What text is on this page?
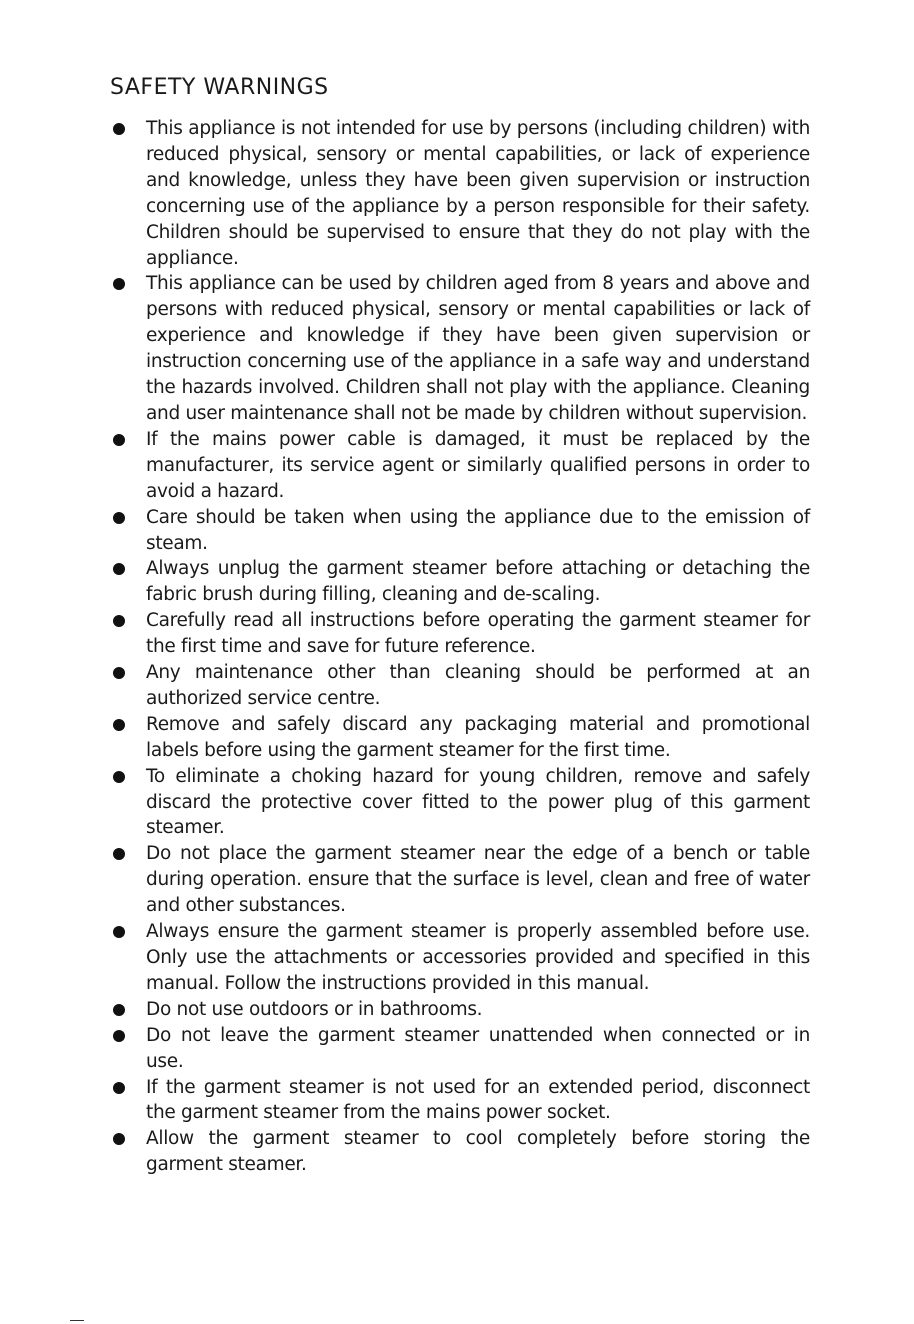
SAFETY WARNINGS
This appliance is not intended for use by persons (including children) with reduced physical, sensory or mental capabilities, or lack of experience and knowledge, unless they have been given supervision or instruction concerning use of the appliance by a person responsible for their safety. Children should be supervised to ensure that they do not play with the appliance.
This appliance can be used by children aged from 8 years and above and persons with reduced physical, sensory or mental capabilities or lack of experience and knowledge if they have been given supervision or instruction concerning use of the appliance in a safe way and understand the hazards involved. Children shall not play with the appliance. Cleaning and user maintenance shall not be made by children without supervision.
If the mains power cable is damaged, it must be replaced by the manufacturer, its service agent or similarly qualified persons in order to avoid a hazard.
Care should be taken when using the appliance due to the emission of steam.
Always unplug the garment steamer before attaching or detaching the fabric brush during filling, cleaning and de-scaling.
Carefully read all instructions before operating the garment steamer for the first time and save for future reference.
Any maintenance other than cleaning should be performed at an authorized service centre.
Remove and safely discard any packaging material and promotional labels before using the garment steamer for the first time.
To eliminate a choking hazard for young children, remove and safely discard the protective cover fitted to the power plug of this garment steamer.
Do not place the garment steamer near the edge of a bench or table during operation. ensure that the surface is level, clean and free of water and other substances.
Always ensure the garment steamer is properly assembled before use. Only use the attachments or accessories provided and specified in this manual. Follow the instructions provided in this manual.
Do not use outdoors or in bathrooms.
Do not leave the garment steamer unattended when connected or in use.
If the garment steamer is not used for an extended period, disconnect the garment steamer from the mains power socket.
Allow the garment steamer to cool completely before storing the garment steamer.
